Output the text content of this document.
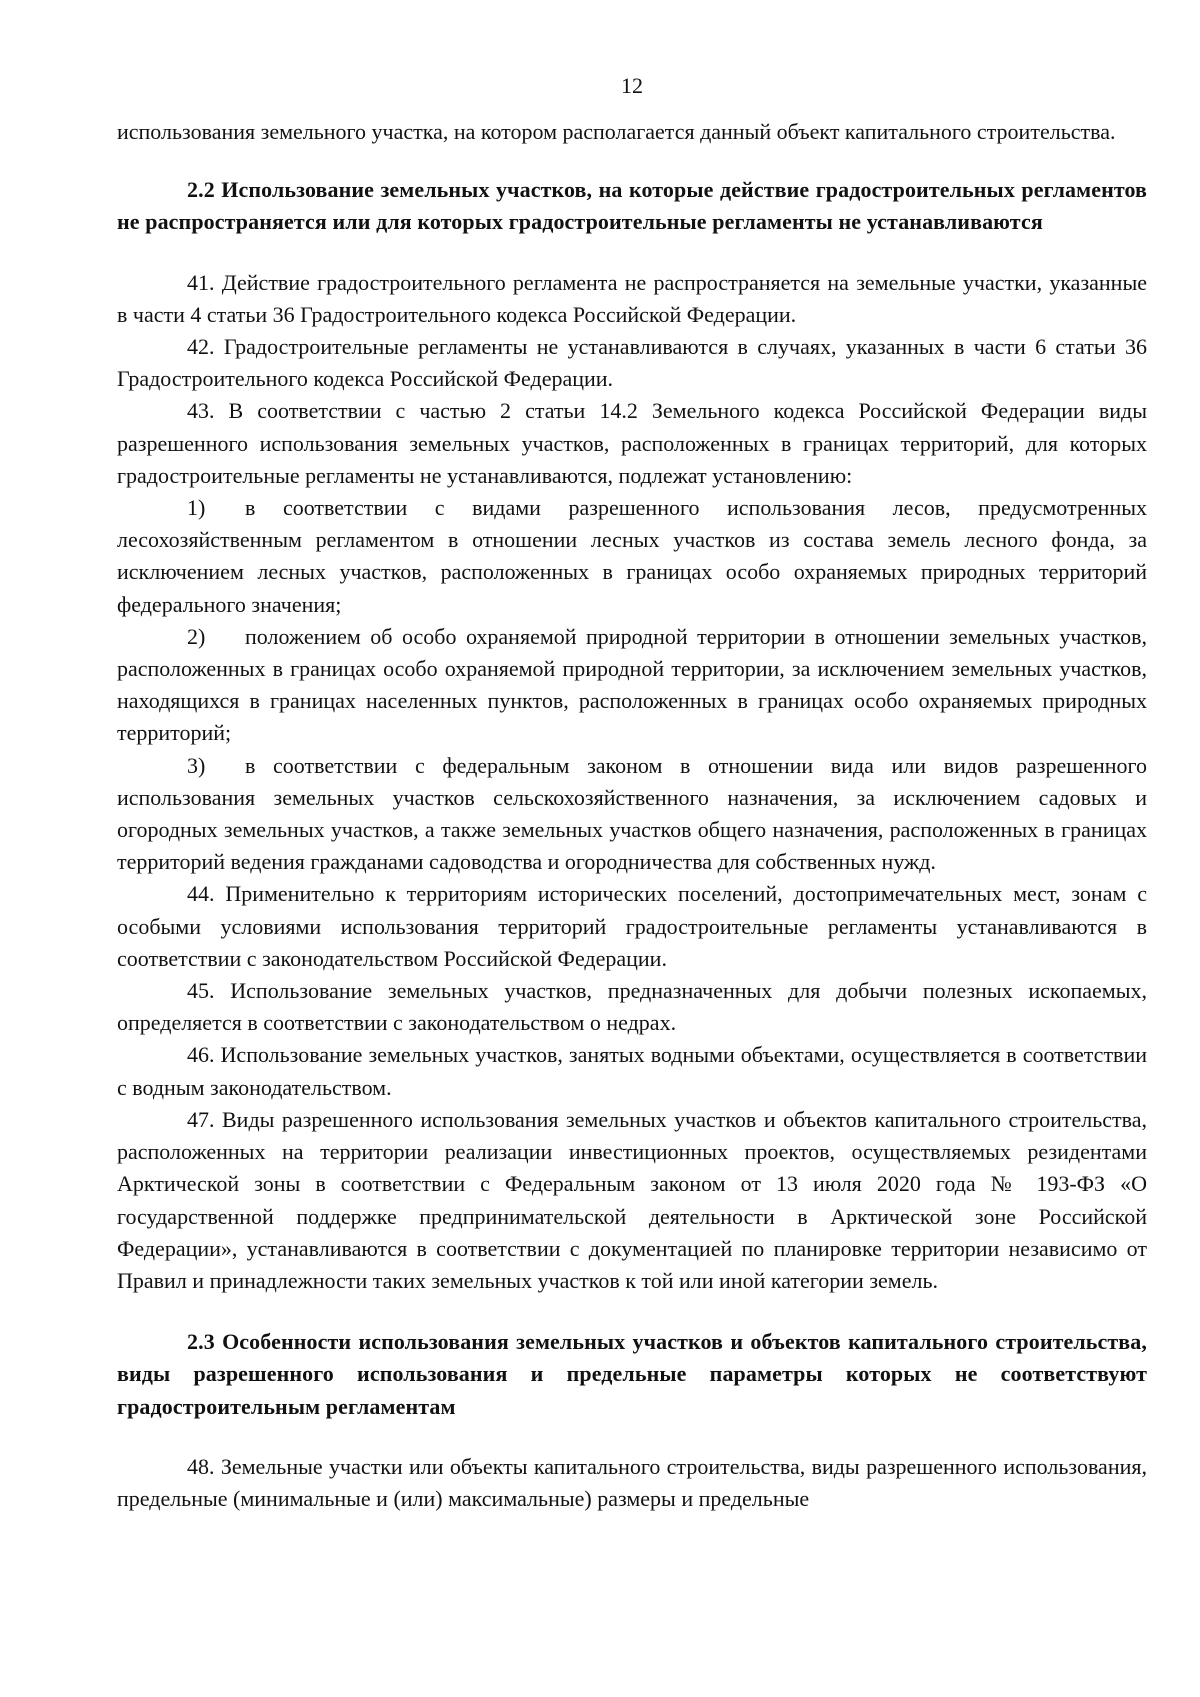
12

использования земельного участка, на котором располагается данный объект капитального строительства.

2.2 Использование земельных участков, на которые действие градостроительных регламентов не распространяется или для которых градостроительные регламенты не устанавливаются

41. Действие градостроительного регламента не распространяется на земельные участки, указанные в части 4 статьи 36 Градостроительного кодекса Российской Федерации.

42. Градостроительные регламенты не устанавливаются в случаях, указанных в части 6 статьи 36 Градостроительного кодекса Российской Федерации.

43. В соответствии с частью 2 статьи 14.2 Земельного кодекса Российской Федерации виды разрешенного использования земельных участков, расположенных в границах территорий, для которых градостроительные регламенты не устанавливаются, подлежат установлению:

1) в соответствии с видами разрешенного использования лесов, предусмотренных лесохозяйственным регламентом в отношении лесных участков из состава земель лесного фонда, за исключением лесных участков, расположенных в границах особо охраняемых природных территорий федерального значения;

2) положением об особо охраняемой природной территории в отношении земельных участков, расположенных в границах особо охраняемой природной территории, за исключением земельных участков, находящихся в границах населенных пунктов, расположенных в границах особо охраняемых природных территорий;

3) в соответствии с федеральным законом в отношении вида или видов разрешенного использования земельных участков сельскохозяйственного назначения, за исключением садовых и огородных земельных участков, а также земельных участков общего назначения, расположенных в границах территорий ведения гражданами садоводства и огородничества для собственных нужд.

44. Применительно к территориям исторических поселений, достопримечательных мест, зонам с особыми условиями использования территорий градостроительные регламенты устанавливаются в соответствии с законодательством Российской Федерации.

45. Использование земельных участков, предназначенных для добычи полезных ископаемых, определяется в соответствии с законодательством о недрах.

46. Использование земельных участков, занятых водными объектами, осуществляется в соответствии с водным законодательством.

47. Виды разрешенного использования земельных участков и объектов капитального строительства, расположенных на территории реализации инвестиционных проектов, осуществляемых резидентами Арктической зоны в соответствии с Федеральным законом от 13 июля 2020 года № 193-ФЗ «О государственной поддержке предпринимательской деятельности в Арктической зоне Российской Федерации», устанавливаются в соответствии с документацией по планировке территории независимо от Правил и принадлежности таких земельных участков к той или иной категории земель.

2.3 Особенности использования земельных участков и объектов капитального строительства, виды разрешенного использования и предельные параметры которых не соответствуют градостроительным регламентам

48. Земельные участки или объекты капитального строительства, виды разрешенного использования, предельные (минимальные и (или) максимальные) размеры и предельные
